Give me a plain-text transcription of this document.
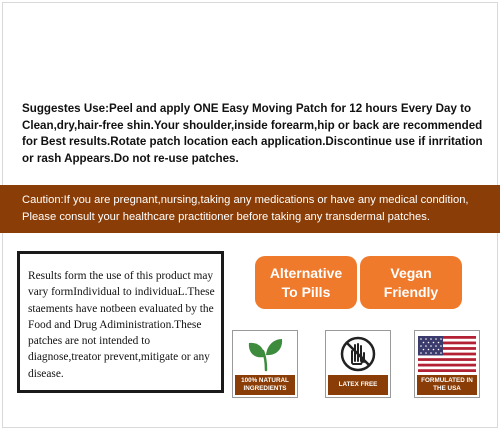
Suggestes Use:Peel and apply ONE Easy Moving Patch for 12 hours Every Day to Clean,dry,hair-free shin.Your shoulder,inside forearm,hip or back are recommended for Best results.Rotate patch location each application.Discontinue use if inrritation or rash Appears.Do not re-use patches.
Caution:If you are pregnant,nursing,taking any medications or have any medical condition, Please consult your healthcare practitioner before taking any transdermal patches.
Results form the use of this product may vary formIndividual to individuaL.These staements have notbeen evaluated by the Food and Drug Adiministration.These patches are not intended to diagnose,treator prevent,mitigate or any disease.
Alternative
To Pills
Vegan
Friendly
100% NATURAL INGREDIENTS
LATEX FREE
FORMULATED IN THE USA
